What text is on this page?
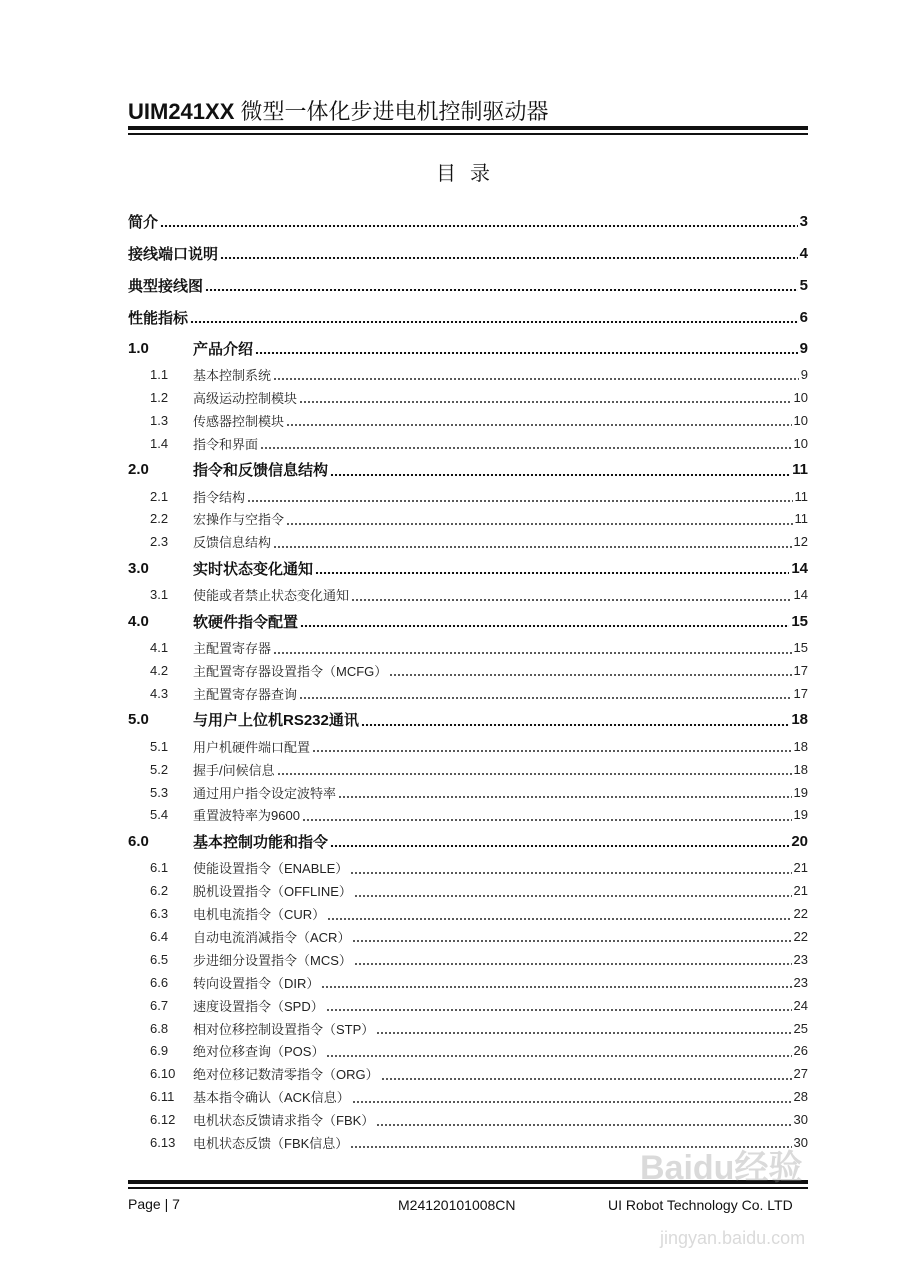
UIM241XX 微型一体化步进电机控制驱动器
目录
简介	3
接线端口说明	4
典型接线图	5
性能指标	6
1.0	产品介绍	9
1.1	基本控制系统	9
1.2	高级运动控制模块	10
1.3	传感器控制模块	10
1.4	指令和界面	10
2.0	指令和反馈信息结构	11
2.1	指令结构	11
2.2	宏操作与空指令	11
2.3	反馈信息结构	12
3.0	实时状态变化通知	14
3.1	使能或者禁止状态变化通知	14
4.0	软硬件指令配置	15
4.1	主配置寄存器	15
4.2	主配置寄存器设置指令（MCFG）	17
4.3	主配置寄存器查询	17
5.0	与用户上位机RS232通讯	18
5.1	用户机硬件端口配置	18
5.2	握手/问候信息	18
5.3	通过用户指令设定波特率	19
5.4	重置波特率为9600	19
6.0	基本控制功能和指令	20
6.1	使能设置指令（ENABLE）	21
6.2	脱机设置指令（OFFLINE）	21
6.3	电机电流指令（CUR）	22
6.4	自动电流消减指令（ACR）	22
6.5	步进细分设置指令（MCS）	23
6.6	转向设置指令（DIR）	23
6.7	速度设置指令（SPD）	24
6.8	相对位移控制设置指令（STP）	25
6.9	绝对位移查询（POS）	26
6.10	绝对位移记数清零指令（ORG）	27
6.11	基本指令确认（ACK信息）	28
6.12	电机状态反馈请求指令（FBK）	30
6.13	电机状态反馈（FBK信息）	30
Page | 7	M24120101008CN	UI Robot Technology Co. LTD
Baidu经验
jingyan.baidu.com
